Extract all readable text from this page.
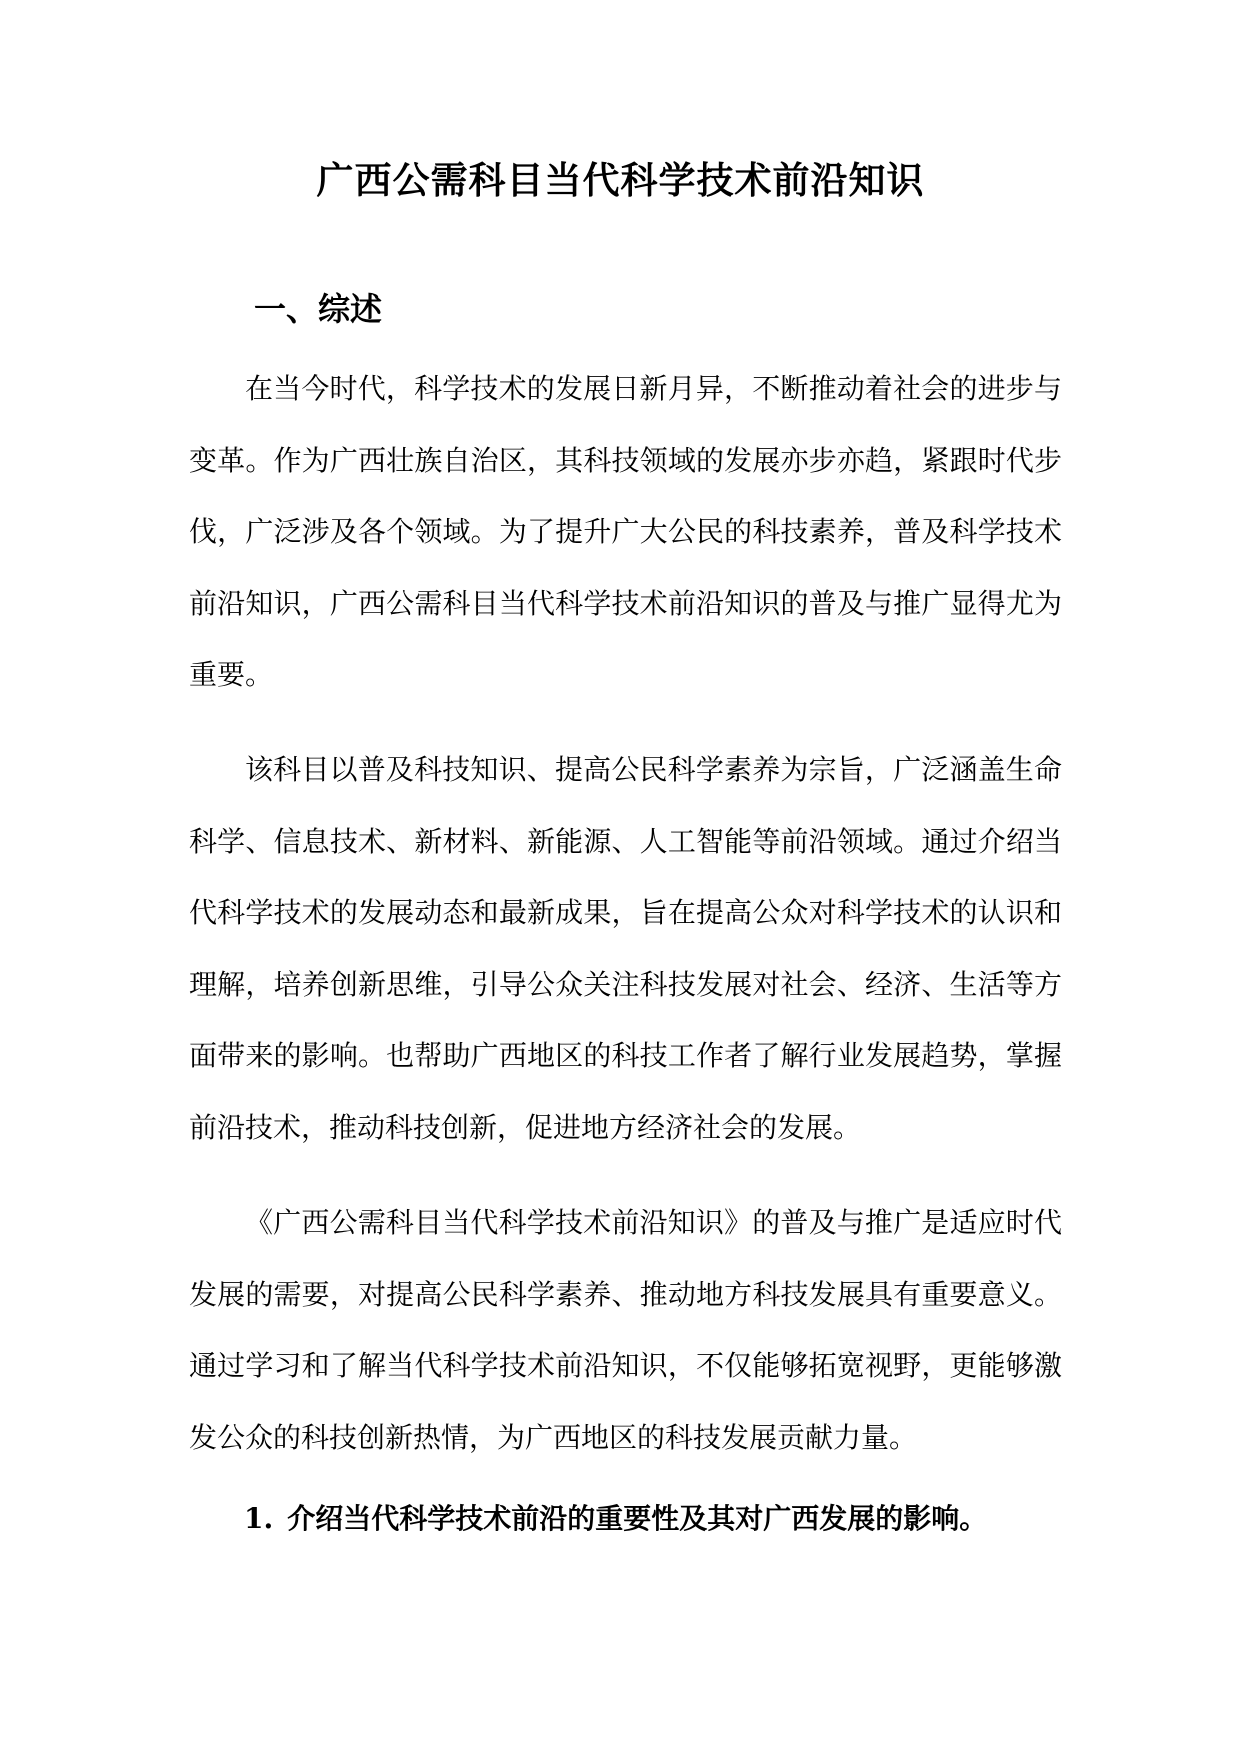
广西公需科目当代科学技术前沿知识
一、综述

在当今时代，科学技术的发展日新月异，不断推动着社会的进步与变革。作为广西壮族自治区，其科技领域的发展亦步亦趋，紧跟时代步伐，广泛涉及各个领域。为了提升广大公民的科技素养，普及科学技术前沿知识，广西公需科目当代科学技术前沿知识的普及与推广显得尤为重要。

该科目以普及科技知识、提高公民科学素养为宗旨，广泛涵盖生命科学、信息技术、新材料、新能源、人工智能等前沿领域。通过介绍当代科学技术的发展动态和最新成果，旨在提高公众对科学技术的认识和理解，培养创新思维，引导公众关注科技发展对社会、经济、生活等方面带来的影响。也帮助广西地区的科技工作者了解行业发展趋势，掌握前沿技术，推动科技创新，促进地方经济社会的发展。

《广西公需科目当代科学技术前沿知识》的普及与推广是适应时代发展的需要，对提高公民科学素养、推动地方科技发展具有重要意义。通过学习和了解当代科学技术前沿知识，不仅能够拓宽视野，更能够激发公众的科技创新热情，为广西地区的科技发展贡献力量。

1. 介绍当代科学技术前沿的重要性及其对广西发展的影响。
